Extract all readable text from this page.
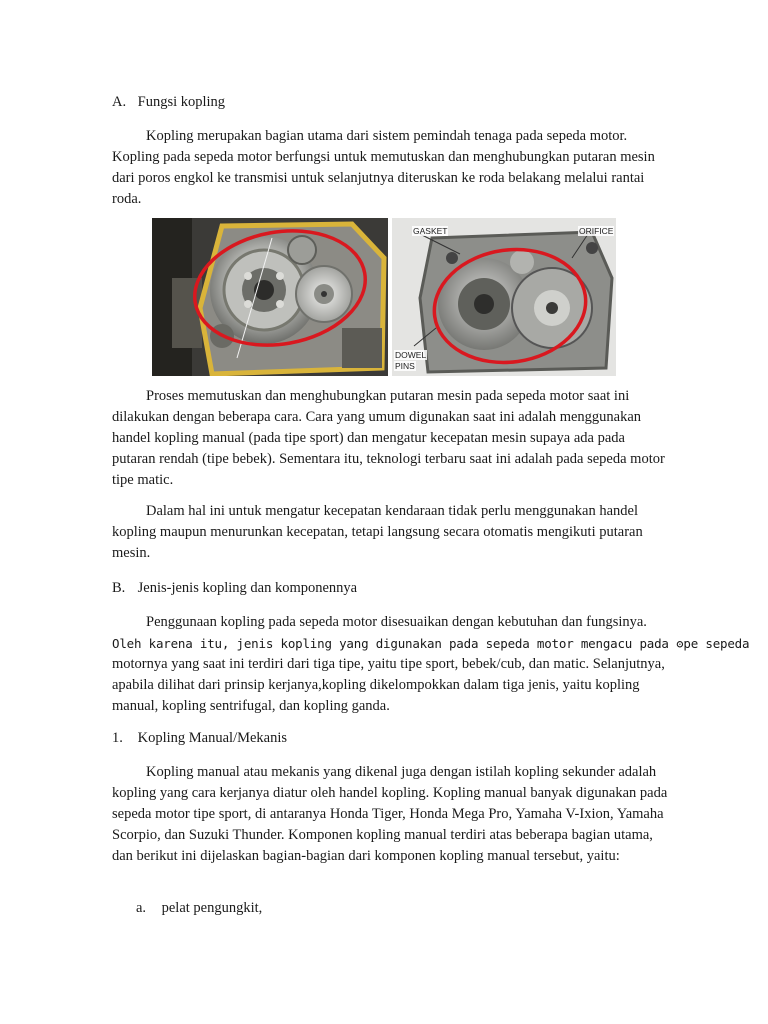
A. Fungsi kopling

Kopling merupakan bagian utama dari sistem pemindah tenaga pada sepeda motor. Kopling pada sepeda motor berfungsi untuk memutuskan dan menghubungkan putaran mesin dari poros engkol ke transmisi untuk selanjutnya diteruskan ke roda belakang melalui rantai roda.

GASKET	ORIFICE
DOWEL
PINS

Proses memutuskan dan menghubungkan putaran mesin pada sepeda motor saat ini dilakukan dengan beberapa cara. Cara yang umum digunakan saat ini adalah menggunakan handel kopling manual (pada tipe sport) dan mengatur kecepatan mesin supaya ada pada putaran rendah (tipe bebek). Sementara itu, teknologi terbaru saat ini adalah pada sepeda motor tipe matic.

Dalam hal ini untuk mengatur kecepatan kendaraan tidak perlu menggunakan handel kopling maupun menurunkan kecepatan, tetapi langsung secara otomatis mengikuti putaran mesin.

B. Jenis-jenis kopling dan komponennya
Penggunaan kopling pada sepeda motor disesuaikan dengan kebutuhan dan fungsinya.
Oleh karena itu, jenis kopling yang digunakan pada sepeda motor mengacu pada ʘpe sepeda
motornya yang saat ini terdiri dari tiga tipe, yaitu tipe sport, bebek/cub, dan matic. Selanjutnya, apabila dilihat dari prinsip kerjanya,kopling dikelompokkan dalam tiga jenis, yaitu kopling manual, kopling sentrifugal, dan kopling ganda.
1. Kopling Manual/Mekanis

Kopling manual atau mekanis yang dikenal juga dengan istilah kopling sekunder adalah kopling yang cara kerjanya diatur oleh handel kopling. Kopling manual banyak digunakan pada sepeda motor tipe sport, di antaranya Honda Tiger, Honda Mega Pro, Yamaha V-Ixion, Yamaha Scorpio, dan Suzuki Thunder. Komponen kopling manual terdiri atas beberapa bagian utama, dan berikut ini dijelaskan bagian-bagian dari komponen kopling manual tersebut, yaitu:

a. pelat pengungkit,
